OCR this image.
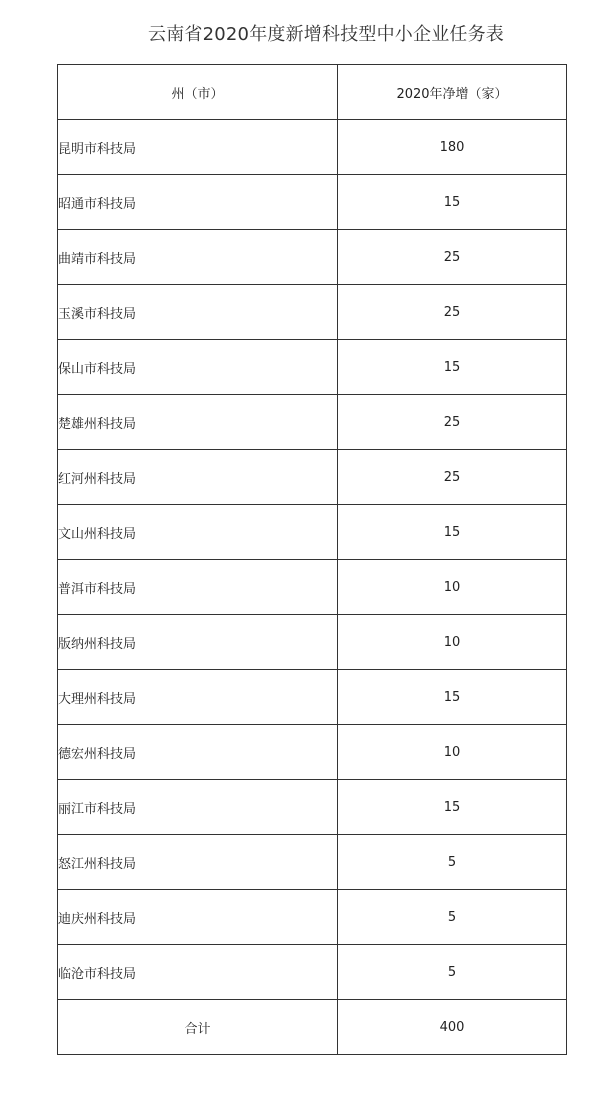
云南省2020年度新增科技型中小企业任务表
州（市）	2020年净增（家）
昆明市科技局	180
昭通市科技局	15
曲靖市科技局	25
玉溪市科技局	25
保山市科技局	15
楚雄州科技局	25
红河州科技局	25
文山州科技局	15
普洱市科技局	10
版纳州科技局	10
大理州科技局	15
德宏州科技局	10
丽江市科技局	15
怒江州科技局	5
迪庆州科技局	5
临沧市科技局	5
合计	400
